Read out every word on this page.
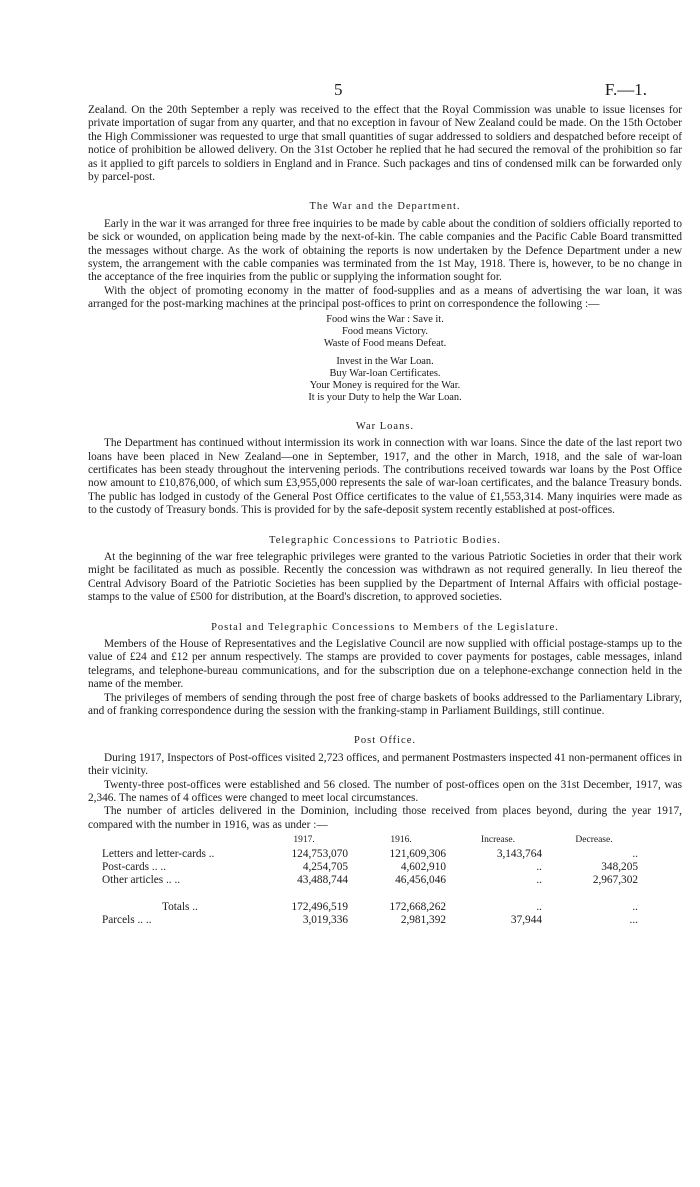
5	F.—1.

Zealand. On the 20th September a reply was received to the effect that the Royal Commission was unable to issue licenses for private importation of sugar from any quarter, and that no exception in favour of New Zealand could be made. On the 15th October the High Commissioner was requested to urge that small quantities of sugar addressed to soldiers and despatched before receipt of notice of prohibition be allowed delivery. On the 31st October he replied that he had secured the removal of the prohibition so far as it applied to gift parcels to soldiers in England and in France. Such packages and tins of condensed milk can be forwarded only by parcel-post.

The War and the Department.

Early in the war it was arranged for three free inquiries to be made by cable about the condition of soldiers officially reported to be sick or wounded, on application being made by the next-of-kin. The cable companies and the Pacific Cable Board transmitted the messages without charge. As the work of obtaining the reports is now undertaken by the Defence Department under a new system, the arrangement with the cable companies was terminated from the 1st May, 1918. There is, however, to be no change in the acceptance of the free inquiries from the public or supplying the information sought for.

With the object of promoting economy in the matter of food-supplies and as a means of advertising the war loan, it was arranged for the post-marking machines at the principal post-offices to print on correspondence the following :—

Food wins the War : Save it.
Food means Victory.
Waste of Food means Defeat.
Invest in the War Loan.
Buy War-loan Certificates.
Your Money is required for the War.
It is your Duty to help the War Loan.
War Loans.

The Department has continued without intermission its work in connection with war loans. Since the date of the last report two loans have been placed in New Zealand—one in September, 1917, and the other in March, 1918, and the sale of war-loan certificates has been steady throughout the intervening periods. The contributions received towards war loans by the Post Office now amount to £10,876,000, of which sum £3,955,000 represents the sale of war-loan certificates, and the balance Treasury bonds. The public has lodged in custody of the General Post Office certificates to the value of £1,553,314. Many inquiries were made as to the custody of Treasury bonds. This is provided for by the safe-deposit system recently established at post-offices.

Telegraphic Concessions to Patriotic Bodies.

At the beginning of the war free telegraphic privileges were granted to the various Patriotic Societies in order that their work might be facilitated as much as possible. Recently the concession was withdrawn as not required generally. In lieu thereof the Central Advisory Board of the Patriotic Societies has been supplied by the Department of Internal Affairs with official postage-stamps to the value of £500 for distribution, at the Board's discretion, to approved societies.

Postal and Telegraphic Concessions to Members of the Legislature.

Members of the House of Representatives and the Legislative Council are now supplied with official postage-stamps up to the value of £24 and £12 per annum respectively. The stamps are provided to cover payments for postages, cable messages, inland telegrams, and telephone-bureau communications, and for the subscription due on a telephone-exchange connection held in the name of the member.

The privileges of members of sending through the post free of charge baskets of books addressed to the Parliamentary Library, and of franking correspondence during the session with the franking-stamp in Parliament Buildings, still continue.

Post Office.

During 1917, Inspectors of Post-offices visited 2,723 offices, and permanent Postmasters inspected 41 non-permanent offices in their vicinity.

Twenty-three post-offices were established and 56 closed. The number of post-offices open on the 31st December, 1917, was 2,346. The names of 4 offices were changed to meet local circumstances.

The number of articles delivered in the Dominion, including those received from places beyond, during the year 1917, compared with the number in 1916, was as under :—

	1917.	1916.	Increase.	Decrease.
Letters and letter-cards ..	124,753,070	121,609,306	3,143,764	..
Post-cards .. ..	4,254,705	4,602,910	..	348,205
Other articles .. ..	43,488,744	46,456,046	..	2,967,302

Totals ..	172,496,519	172,668,262	..	..
Parcels .. ..	3,019,336	2,981,392	37,944	...
